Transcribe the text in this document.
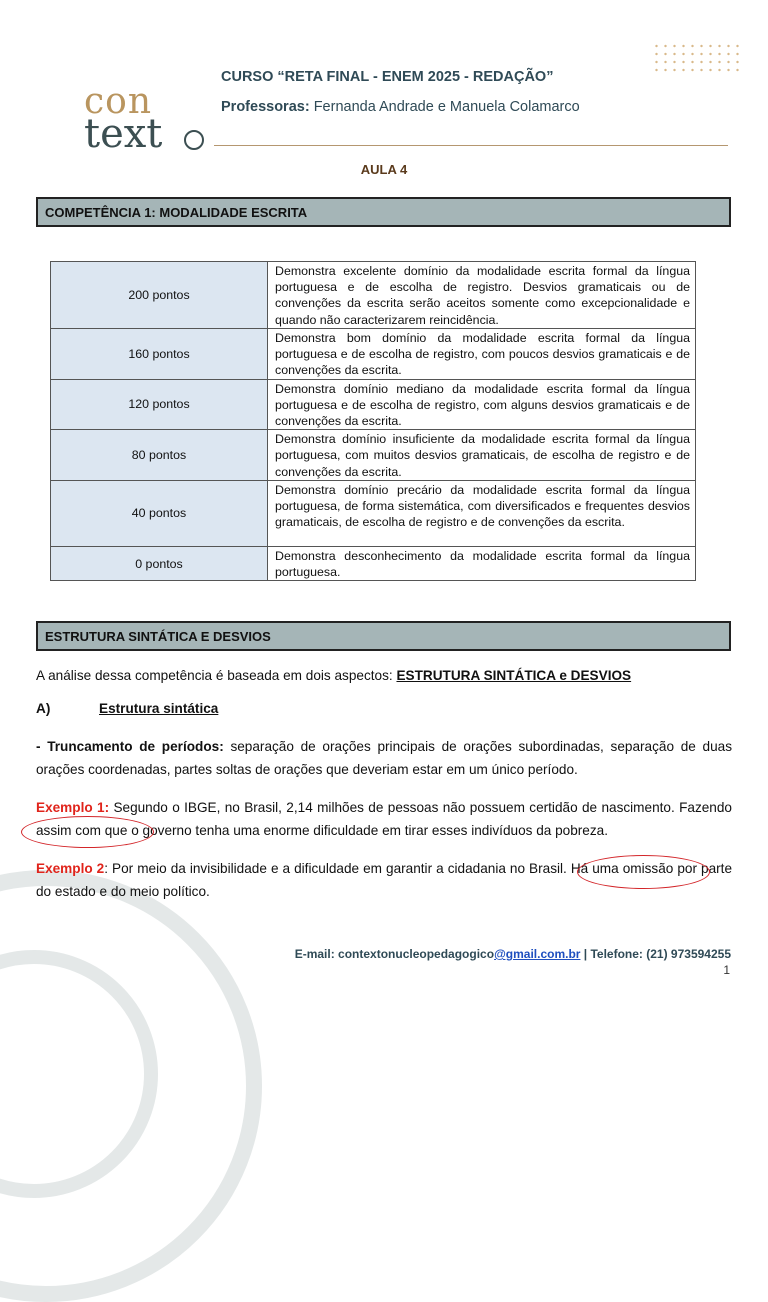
con
text
CURSO “RETA FINAL - ENEM 2025 - REDAÇÃO”
Professoras: Fernanda Andrade e Manuela Colamarco
AULA 4
COMPETÊNCIA 1: MODALIDADE ESCRITA
200 pontos	Demonstra excelente domínio da modalidade escrita formal da língua portuguesa e de escolha de registro. Desvios gramaticais ou de convenções da escrita serão aceitos somente como excepcionalidade e quando não caracterizarem reincidência.
160 pontos	Demonstra bom domínio da modalidade escrita formal da língua portuguesa e de escolha de registro, com poucos desvios gramaticais e de convenções da escrita.
120 pontos	Demonstra domínio mediano da modalidade escrita formal da língua portuguesa e de escolha de registro, com alguns desvios gramaticais e de convenções da escrita.
80 pontos	Demonstra domínio insuficiente da modalidade escrita formal da língua portuguesa, com muitos desvios gramaticais, de escolha de registro e de convenções da escrita.
40 pontos	Demonstra domínio precário da modalidade escrita formal da língua portuguesa, de forma sistemática, com diversificados e frequentes desvios gramaticais, de escolha de registro e de convenções da escrita.
0 pontos	Demonstra desconhecimento da modalidade escrita formal da língua portuguesa.
ESTRUTURA SINTÁTICA E DESVIOS
A análise dessa competência é baseada em dois aspectos: ESTRUTURA SINTÁTICA e DESVIOS
A)	Estrutura sintática
- Truncamento de períodos: separação de orações principais de orações subordinadas, separação de duas orações coordenadas, partes soltas de orações que deveriam estar em um único período.
Exemplo 1: Segundo o IBGE, no Brasil, 2,14 milhões de pessoas não possuem certidão de nascimento. Fazendo assim com que o governo tenha uma enorme dificuldade em tirar esses indivíduos da pobreza.
Exemplo 2: Por meio da invisibilidade e a dificuldade em garantir a cidadania no Brasil. Há uma omissão por parte do estado e do meio político.
E-mail: contextonucleopedagogico@gmail.com.br | Telefone: (21) 973594255
1
